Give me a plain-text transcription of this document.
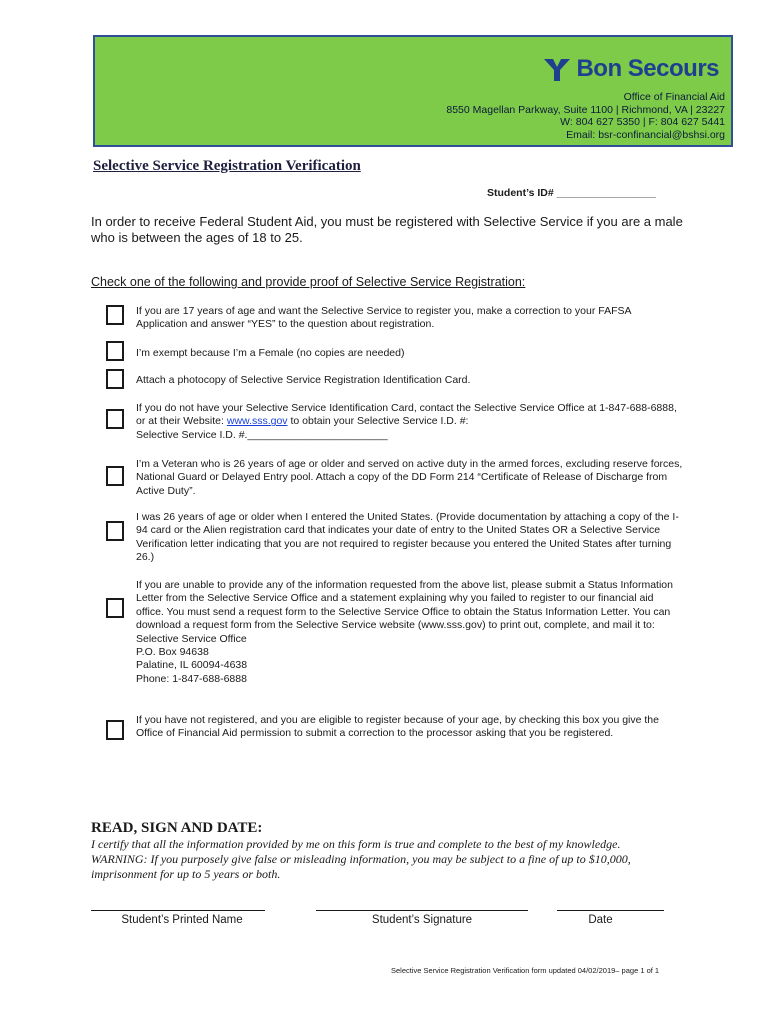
Bon Secours
Office of Financial Aid
8550 Magellan Parkway, Suite 1100 | Richmond, VA | 23227
W: 804 627 5350 | F: 804 627 5441
Email: bsr-confinancial@bshsi.org
Selective Service Registration Verification
Student’s ID# _________________
In order to receive Federal Student Aid, you must be registered with Selective Service if you are a male who is between the ages of 18 to 25.
Check one of the following and provide proof of Selective Service Registration:
If you are 17 years of age and want the Selective Service to register you, make a correction to your FAFSA Application and answer “YES” to the question about registration.
I’m exempt because I’m a Female (no copies are needed)
Attach a photocopy of Selective Service Registration Identification Card.
If you do not have your Selective Service Identification Card, contact the Selective Service Office at 1-847-688-6888, or at their Website: www.sss.gov to obtain your Selective Service I.D. #:
Selective Service I.D. #.________________________
I’m a Veteran who is 26 years of age or older and served on active duty in the armed forces, excluding reserve forces, National Guard or Delayed Entry pool. Attach a copy of the DD Form 214 “Certificate of Release of Discharge from Active Duty”.
I was 26 years of age or older when I entered the United States. (Provide documentation by attaching a copy of the I-94 card or the Alien registration card that indicates your date of entry to the United States OR a Selective Service Verification letter indicating that you are not required to register because you entered the United States after turning 26.)
If you are unable to provide any of the information requested from the above list, please submit a Status Information Letter from the Selective Service Office and a statement explaining why you failed to register to our financial aid office. You must send a request form to the Selective Service Office to obtain the Status Information Letter. You can download a request form from the Selective Service website (www.sss.gov) to print out, complete, and mail it to:
Selective Service Office
P.O. Box 94638
Palatine, IL 60094-4638
Phone: 1-847-688-6888
If you have not registered, and you are eligible to register because of your age, by checking this box you give the Office of Financial Aid permission to submit a correction to the processor asking that you be registered.
READ, SIGN AND DATE:
I certify that all the information provided by me on this form is true and complete to the best of my knowledge.
WARNING: If you purposely give false or misleading information, you may be subject to a fine of up to $10,000, imprisonment for up to 5 years or both.
Student’s Printed Name	Student’s Signature	Date
Selective Service Registration Verification form updated 04/02/2019– page 1 of 1
